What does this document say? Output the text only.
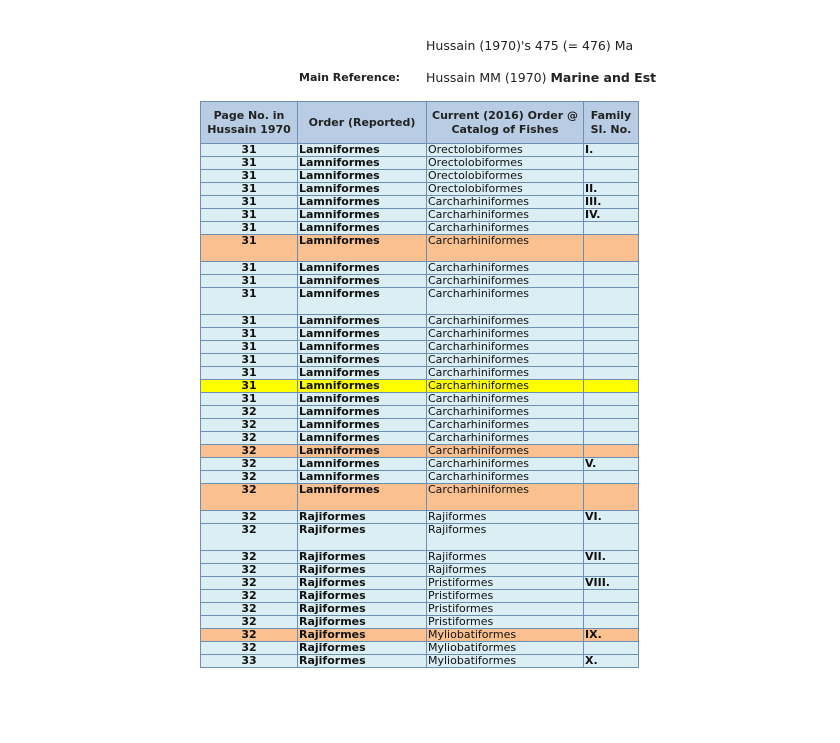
Hussain (1970)'s 475 (= 476) Ma
Main Reference: Hussain MM (1970) Marine and Est
Page No. in Hussain 1970	Order (Reported)	Current (2016) Order @ Catalog of Fishes	Family Sl. No.
31	Lamniformes	Orectolobiformes	I.
31	Lamniformes	Orectolobiformes	
31	Lamniformes	Orectolobiformes	
31	Lamniformes	Orectolobiformes	II.
31	Lamniformes	Carcharhiniformes	III.
31	Lamniformes	Carcharhiniformes	IV.
31	Lamniformes	Carcharhiniformes	
31	Lamniformes	Carcharhiniformes	
31	Lamniformes	Carcharhiniformes	
31	Lamniformes	Carcharhiniformes	
31	Lamniformes	Carcharhiniformes	
31	Lamniformes	Carcharhiniformes	
31	Lamniformes	Carcharhiniformes	
31	Lamniformes	Carcharhiniformes	
31	Lamniformes	Carcharhiniformes	
31	Lamniformes	Carcharhiniformes	
31	Lamniformes	Carcharhiniformes	
31	Lamniformes	Carcharhiniformes	
32	Lamniformes	Carcharhiniformes	
32	Lamniformes	Carcharhiniformes	
32	Lamniformes	Carcharhiniformes	
32	Lamniformes	Carcharhiniformes	
32	Lamniformes	Carcharhiniformes	V.
32	Lamniformes	Carcharhiniformes	
32	Lamniformes	Carcharhiniformes	
32	Rajiformes	Rajiformes	VI.
32	Rajiformes	Rajiformes	
32	Rajiformes	Rajiformes	VII.
32	Rajiformes	Rajiformes	
32	Rajiformes	Pristiformes	VIII.
32	Rajiformes	Pristiformes	
32	Rajiformes	Pristiformes	
32	Rajiformes	Pristiformes	
32	Rajiformes	Myliobatiformes	IX.
32	Rajiformes	Myliobatiformes	
33	Rajiformes	Myliobatiformes	X.
